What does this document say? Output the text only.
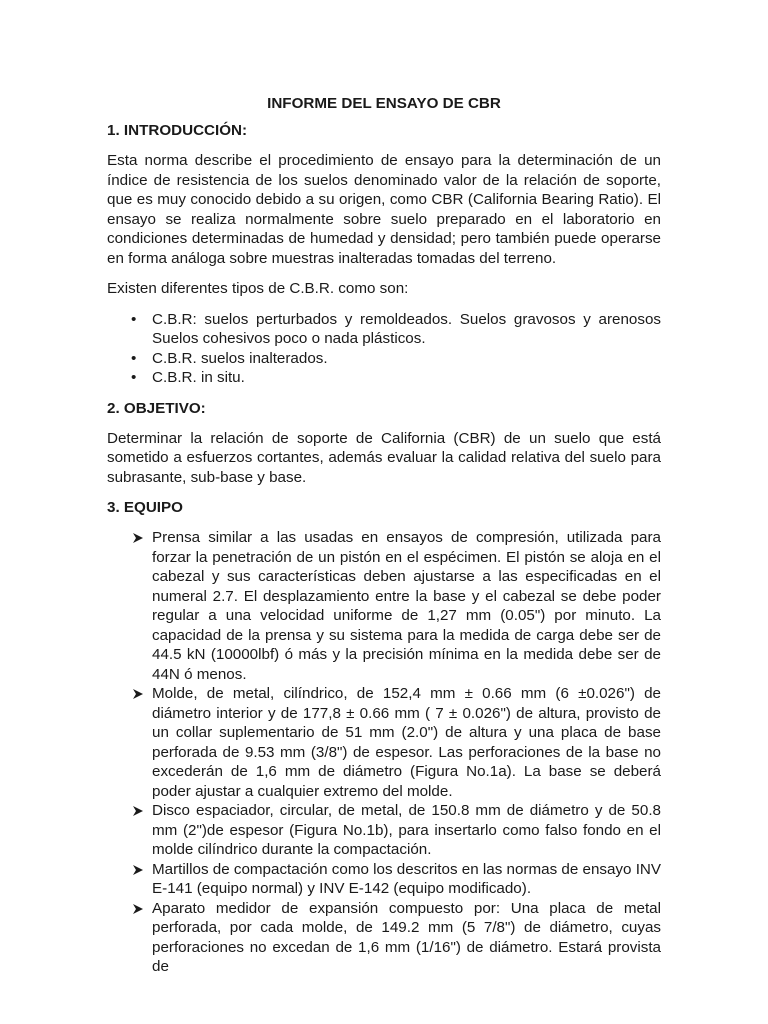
INFORME DEL ENSAYO DE CBR
1. INTRODUCCIÓN:

Esta norma describe el procedimiento de ensayo para la determinación de un índice de resistencia de los suelos denominado valor de la relación de soporte, que es muy conocido debido a su origen, como CBR (California Bearing Ratio). El ensayo se realiza normalmente sobre suelo preparado en el laboratorio en condiciones determinadas de humedad y densidad; pero también puede operarse en forma análoga sobre muestras inalteradas tomadas del terreno.

Existen diferentes tipos de C.B.R. como son:

• C.B.R: suelos perturbados y remoldeados. Suelos gravosos y arenosos Suelos cohesivos poco o nada plásticos.
• C.B.R. suelos inalterados.
• C.B.R. in situ.
2. OBJETIVO:

Determinar la relación de soporte de California (CBR) de un suelo que está sometido a esfuerzos cortantes, además evaluar la calidad relativa del suelo para subrasante, sub-base y base.

3. EQUIPO
Prensa similar a las usadas en ensayos de compresión, utilizada para forzar la penetración de un pistón en el espécimen. El pistón se aloja en el cabezal y sus características deben ajustarse a las especificadas en el numeral 2.7. El desplazamiento entre la base y el cabezal se debe poder regular a una velocidad uniforme de 1,27 mm (0.05") por minuto. La capacidad de la prensa y su sistema para la medida de carga debe ser de 44.5 kN (10000lbf) ó más y la precisión mínima en la medida debe ser de 44N ó menos.
Molde, de metal, cilíndrico, de 152,4 mm ± 0.66 mm (6 ±0.026") de diámetro interior y de 177,8 ± 0.66 mm ( 7 ± 0.026") de altura, provisto de un collar suplementario de 51 mm (2.0") de altura y una placa de base perforada de 9.53 mm (3/8") de espesor. Las perforaciones de la base no excederán de 1,6 mm de diámetro (Figura No.1a). La base se deberá poder ajustar a cualquier extremo del molde.
Disco espaciador, circular, de metal, de 150.8 mm de diámetro y de 50.8 mm (2")de espesor (Figura No.1b), para insertarlo como falso fondo en el molde cilíndrico durante la compactación.
Martillos de compactación como los descritos en las normas de ensayo INV E-141 (equipo normal) y INV E-142 (equipo modificado).
Aparato medidor de expansión compuesto por: Una placa de metal perforada, por cada molde, de 149.2 mm (5 7/8") de diámetro, cuyas perforaciones no excedan de 1,6 mm (1/16") de diámetro. Estará provista de
